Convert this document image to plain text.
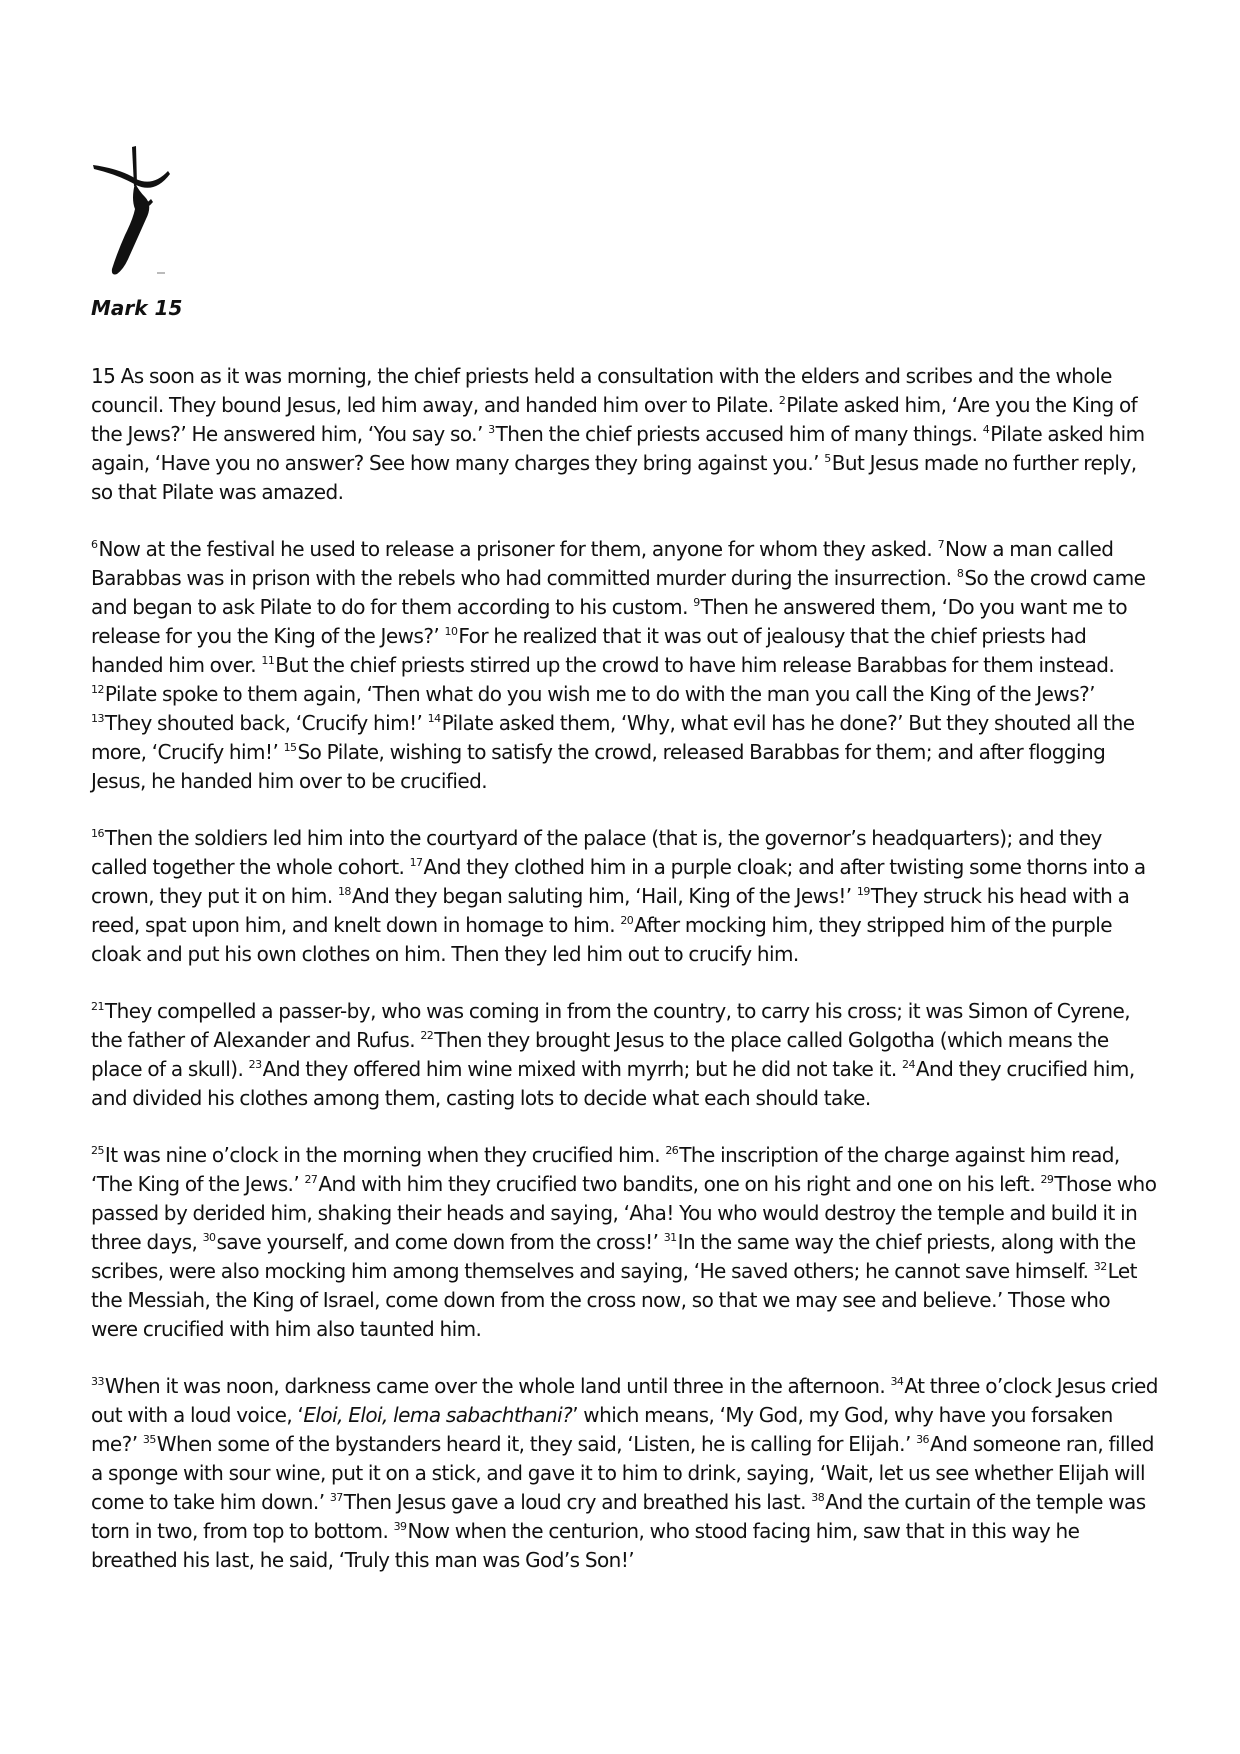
Mark 15

15 As soon as it was morning, the chief priests held a consultation with the elders and scribes and the whole council. They bound Jesus, led him away, and handed him over to Pilate. $^2$Pilate asked him, ‘Are you the King of the Jews?’ He answered him, ‘You say so.’ $^3$Then the chief priests accused him of many things. $^4$Pilate asked him again, ‘Have you no answer? See how many charges they bring against you.’ $^5$But Jesus made no further reply, so that Pilate was amazed.

$^6$Now at the festival he used to release a prisoner for them, anyone for whom they asked. $^7$Now a man called Barabbas was in prison with the rebels who had committed murder during the insurrection. $^8$So the crowd came and began to ask Pilate to do for them according to his custom. $^9$Then he answered them, ‘Do you want me to release for you the King of the Jews?’ $^{10}$For he realized that it was out of jealousy that the chief priests had handed him over. $^{11}$But the chief priests stirred up the crowd to have him release Barabbas for them instead. $^{12}$Pilate spoke to them again, ‘Then what do you wish me to do with the man you call the King of the Jews?’ $^{13}$They shouted back, ‘Crucify him!’ $^{14}$Pilate asked them, ‘Why, what evil has he done?’ But they shouted all the more, ‘Crucify him!’ $^{15}$So Pilate, wishing to satisfy the crowd, released Barabbas for them; and after flogging Jesus, he handed him over to be crucified.

$^{16}$Then the soldiers led him into the courtyard of the palace (that is, the governor’s headquarters); and they called together the whole cohort. $^{17}$And they clothed him in a purple cloak; and after twisting some thorns into a crown, they put it on him. $^{18}$And they began saluting him, ‘Hail, King of the Jews!’ $^{19}$They struck his head with a reed, spat upon him, and knelt down in homage to him. $^{20}$After mocking him, they stripped him of the purple cloak and put his own clothes on him. Then they led him out to crucify him.

$^{21}$They compelled a passer-by, who was coming in from the country, to carry his cross; it was Simon of Cyrene, the father of Alexander and Rufus. $^{22}$Then they brought Jesus to the place called Golgotha (which means the place of a skull). $^{23}$And they offered him wine mixed with myrrh; but he did not take it. $^{24}$And they crucified him, and divided his clothes among them, casting lots to decide what each should take.

$^{25}$It was nine o’clock in the morning when they crucified him. $^{26}$The inscription of the charge against him read, ‘The King of the Jews.’ $^{27}$And with him they crucified two bandits, one on his right and one on his left. $^{29}$Those who passed by derided him, shaking their heads and saying, ‘Aha! You who would destroy the temple and build it in three days, $^{30}$save yourself, and come down from the cross!’ $^{31}$In the same way the chief priests, along with the scribes, were also mocking him among themselves and saying, ‘He saved others; he cannot save himself. $^{32}$Let the Messiah, the King of Israel, come down from the cross now, so that we may see and believe.’ Those who were crucified with him also taunted him.

$^{33}$When it was noon, darkness came over the whole land until three in the afternoon. $^{34}$At three o’clock Jesus cried out with a loud voice, ‘Eloi, Eloi, lema sabachthani?’ which means, ‘My God, my God, why have you forsaken me?’ $^{35}$When some of the bystanders heard it, they said, ‘Listen, he is calling for Elijah.’ $^{36}$And someone ran, filled a sponge with sour wine, put it on a stick, and gave it to him to drink, saying, ‘Wait, let us see whether Elijah will come to take him down.’ $^{37}$Then Jesus gave a loud cry and breathed his last. $^{38}$And the curtain of the temple was torn in two, from top to bottom. $^{39}$Now when the centurion, who stood facing him, saw that in this way he breathed his last, he said, ‘Truly this man was God’s Son!’
